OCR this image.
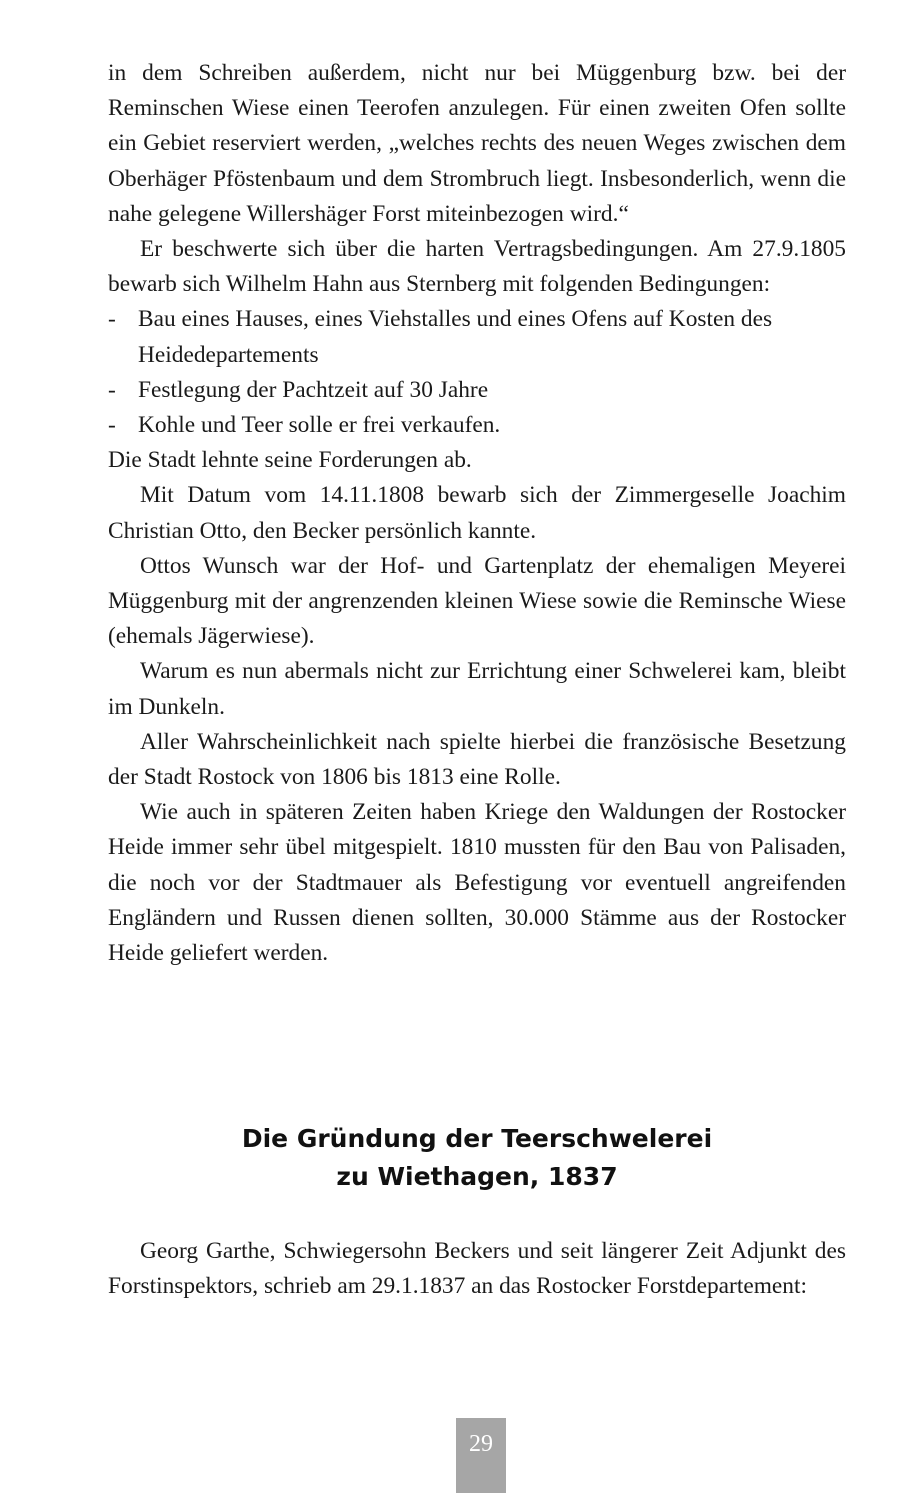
in dem Schreiben außerdem, nicht nur bei Müggenburg bzw. bei der Reminschen Wiese einen Teerofen anzulegen. Für einen zweiten Ofen sollte ein Gebiet reserviert werden, „welches rechts des neuen Weges zwischen dem Oberhäger Pföstenbaum und dem Strombruch liegt. Insbesonderlich, wenn die nahe gelegene Willershäger Forst miteinbezogen wird.“

Er beschwerte sich über die harten Vertragsbedingungen. Am 27.9.1805 bewarb sich Wilhelm Hahn aus Sternberg mit folgenden Bedingungen:

- Bau eines Hauses, eines Viehstalles und eines Ofens auf Kosten des Heidedepartements
- Festlegung der Pachtzeit auf 30 Jahre
- Kohle und Teer solle er frei verkaufen.

Die Stadt lehnte seine Forderungen ab.

Mit Datum vom 14.11.1808 bewarb sich der Zimmergeselle Joachim Christian Otto, den Becker persönlich kannte.

Ottos Wunsch war der Hof- und Gartenplatz der ehemaligen Meyerei Müggenburg mit der angrenzenden kleinen Wiese sowie die Reminsche Wiese (ehemals Jägerwiese).

Warum es nun abermals nicht zur Errichtung einer Schwelerei kam, bleibt im Dunkeln.

Aller Wahrscheinlichkeit nach spielte hierbei die französische Besetzung der Stadt Rostock von 1806 bis 1813 eine Rolle.

Wie auch in späteren Zeiten haben Kriege den Waldungen der Rostocker Heide immer sehr übel mitgespielt. 1810 mussten für den Bau von Palisaden, die noch vor der Stadtmauer als Befestigung vor eventuell angreifenden Engländern und Russen dienen sollten, 30.000 Stämme aus der Rostocker Heide geliefert werden.

Die Gründung der Teerschwelerei
zu Wiethagen, 1837

Georg Garthe, Schwiegersohn Beckers und seit längerer Zeit Adjunkt des Forstinspektors, schrieb am 29.1.1837 an das Rostocker Forstdepartement:

29
